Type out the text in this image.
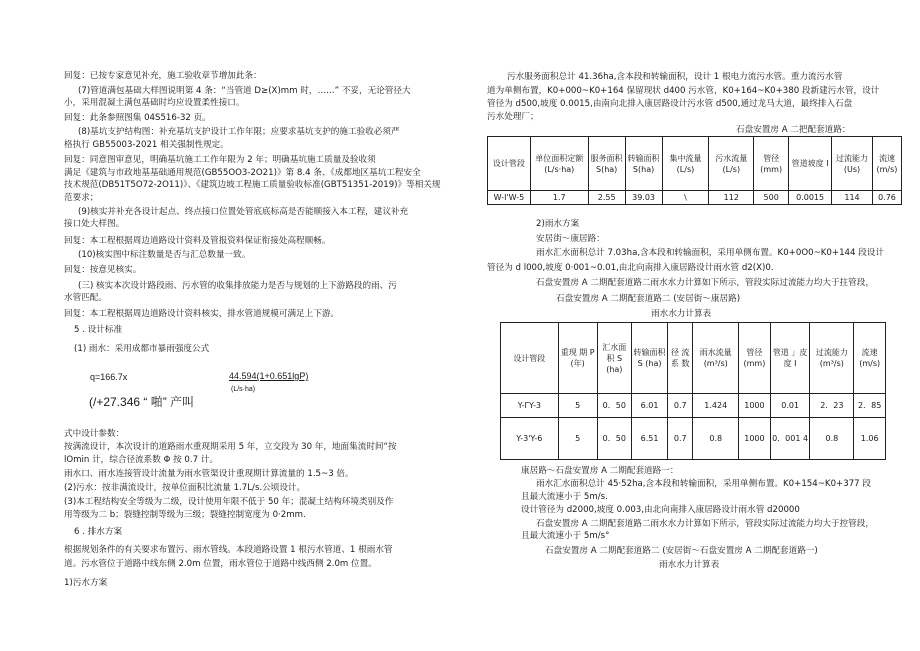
回复：已按专家意见补充，施工验收章节增加此条：
(7)管道满包基础大样图说明第 4 条：“当管道 D≥(X)mm 时，……” 不妥，无论管径大
小，采用混凝土满包基础时均应设置柔性接口。
回复：此条参照图集 04S516-32 页。
(8)基坑支护结构图：补充基坑支护设计工作年限；应要求基坑支护的施工验收必须严
格执行 GB55003-2021 相关强制性规定。
回复：同意图审意见，明确基坑施工工作年限为 2 年；明确基坑施工质量及验收须
满足《建筑与市政地基基础通用规范(GB55OO3-2O21)》第 8.4 条、《成都地区基坑工程安全
技术规范(DB51T5O72-2O11)》、《建筑边坡工程施工质量验收标准(GBT51351-2019)》等相关规
范要求；
(9)核实并补充各设计起点、终点接口位置处管底底标高是否能顺接入本工程，建议补充
接口处大样图。
回复：本工程根据周边道路设计资料及管报资料保证衔接处高程顺畅。
(10)核实图中标注数量是否与汇总数量一致。
回复：按意见核实。
(三) 核实本次设计路段雨、污水管的收集排放能力是否与规划的上下游路段的雨、污
水管匹配。
回复：本工程根据周边道路设计资料核实，排水管道规模可满足上下游。
5 . 设计标准
(1) 雨水：采用成都市暴雨强度公式
q=166.7x	44.594(1+0.651lgP)
(L/s·ha)
(/+27.346 “ 啪” 产叫
式中设计参数：
按满流设计，本次设计的道路雨水重现期采用 5 年，立交段为 30 年，地面集流时间“按
lOmin 计，综合径流系数 Φ 按 0.7 计。
雨水口、雨水连接管设计流量为雨水管渠设计重现期计算流量的 1.5~3 倍。
(2)污水：按非满流设计，按单位面积比流量 1.7L/s.公顷设计。
(3)本工程结构安全等级为二级，设计使用年限不低于 50 年；混凝土结构环境类别及作
用等级为二 b；裂缝控制等级为三级；裂缝控制宽度为 0·2mm.
6 . 排水方案
根据规划条件的有关要求布置污、雨水管线。本段道路设置 1 根污水管道、1 根雨水管
道。污水管位于道路中线东侧 2.0m 位置，雨水管位于道路中线西侧 2.0m 位置。
1)污水方案
污水服务面积总计 41.36ha,含本段和转输面积，设计 1 根电力流污水管。重力流污水管
道为单侧布置，K0+000~K0+164 保留现状 d400 污水管，K0+164~K0+380 段新建污水管，设计
管径为 d500,坡度 0.0015,由南向北排入康居路设计污水管 d500,通过龙马大道，最终排入石盘
污水处理厂；
石盘安置房 A 二把配套道路：
设计管段	单位面积定额(L/s·ha)	服务面积 S(ha)	转输面积 S(ha)	集中流量(L/s)	污水流量(L/s)	管径(mm)	管道坡度 I	过流能力(Us)	流速(m/s)
W-I'W-5	1.7	2.55	39.03	\	112	500	0.0015	114	0.76
2)雨水方案
安居街～康居路：
雨水汇水面积总计 7.03ha,含本段和转输面积，采用单侧布置。K0+0O0~K0+144 段设计
管径为 d l000,坡度 0·001~0.01,由北向南排入康居路设计雨水管 d2(X)0.
石盘安置房 A 二期配套道路二雨水水力计算如下所示，管段实际过流能力均大于拄管段，
石盘安置房 A 二期配套道路二 (安居街～康居路)
雨水水力计算表
设计管段	重现 期 P (年)	汇水面积 S (ha)	转输面积 S (ha)	径 流 系 数	雨水流量 (m³/s)	管径 (mm)	管道 」皮度 I	过流能力 (m³/s)	流速 (m/s)
Y-ΓY-3	5	0．50	6.01	0.7	1.424	1000	0.01	2．23	2．85
Y-3'Y-6	5	0．50	6.51	0.7	0.8	1000	0．001 4	0.8	1.06
康居路～石盘安置房 A 二期配套道路一：
雨水汇水面积总计 45·52ha,含本段和转输面积，采用单侧布置。K0+154~K0+377 段
且最大流速小于 5m/s.
设计管径为 d2000,坡度 0.003,由北向南排入康居路设计雨水管 d20000
石盘安置房 A 二期配套道路二雨水水力计算如下所示，管段实际过流能力均大于控管段，
且最大流速小于 5m/s°
石盘安置房 A 二期配套道路二 (安居街～石盘安置房 A 二期配套道路一)
雨水水力计算表
